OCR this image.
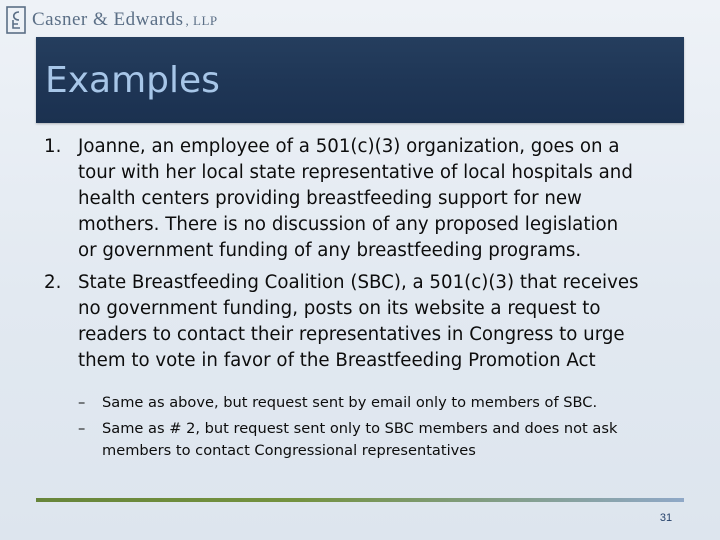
Casner & Edwards , LLP
Examples
1. Joanne, an employee of a 501(c)(3) organization, goes on a
tour with her local state representative of local hospitals and
health centers providing breastfeeding support for new
mothers. There is no discussion of any proposed legislation
or government funding of any breastfeeding programs.
2. State Breastfeeding Coalition (SBC), a 501(c)(3) that receives
no government funding, posts on its website a request to
readers to contact their representatives in Congress to urge
them to vote in favor of the Breastfeeding Promotion Act
– Same as above, but request sent by email only to members of SBC.
– Same as # 2, but request sent only to SBC members and does not ask
members to contact Congressional representatives
31
